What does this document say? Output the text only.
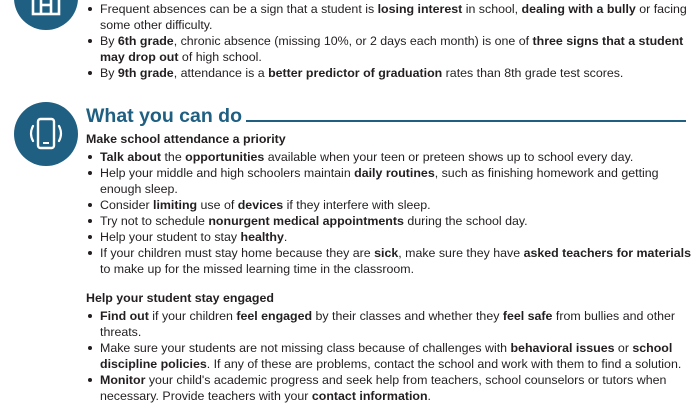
Frequent absences can be a sign that a student is losing interest in school, dealing with a bully or facing some other difficulty.
By 6th grade, chronic absence (missing 10%, or 2 days each month) is one of three signs that a student may drop out of high school.
By 9th grade, attendance is a better predictor of graduation rates than 8th grade test scores.
What you can do
Make school attendance a priority
Talk about the opportunities available when your teen or preteen shows up to school every day.
Help your middle and high schoolers maintain daily routines, such as finishing homework and getting enough sleep.
Consider limiting use of devices if they interfere with sleep.
Try not to schedule nonurgent medical appointments during the school day.
Help your student to stay healthy.
If your children must stay home because they are sick, make sure they have asked teachers for materials to make up for the missed learning time in the classroom.
Help your student stay engaged
Find out if your children feel engaged by their classes and whether they feel safe from bullies and other threats.
Make sure your students are not missing class because of challenges with behavioral issues or school discipline policies. If any of these are problems, contact the school and work with them to find a solution.
Monitor your child's academic progress and seek help from teachers, school counselors or tutors when necessary. Provide teachers with your contact information.
